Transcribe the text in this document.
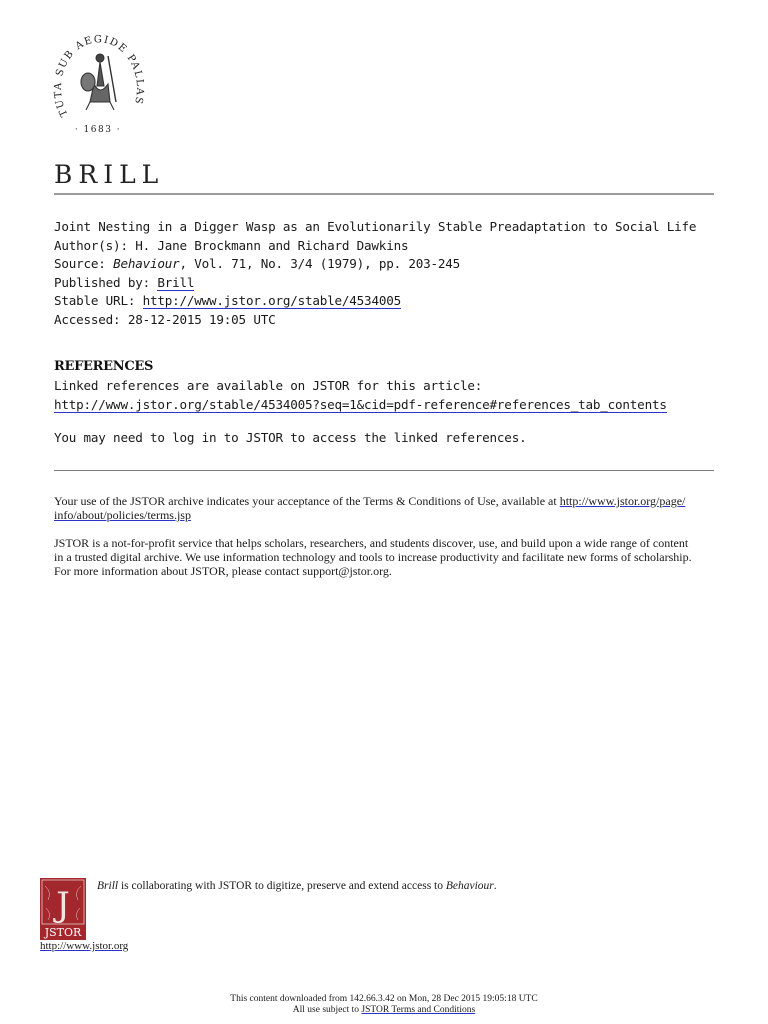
TUTA SUB AEGIDE PALLAS
· 1683 ·
BRILL
Joint Nesting in a Digger Wasp as an Evolutionarily Stable Preadaptation to Social Life
Author(s): H. Jane Brockmann and Richard Dawkins
Source: Behaviour, Vol. 71, No. 3/4 (1979), pp. 203-245
Published by: Brill
Stable URL: http://www.jstor.org/stable/4534005
Accessed: 28-12-2015 19:05 UTC
REFERENCES
Linked references are available on JSTOR for this article:
http://www.jstor.org/stable/4534005?seq=1&cid=pdf-reference#references_tab_contents
You may need to log in to JSTOR to access the linked references.
Your use of the JSTOR archive indicates your acceptance of the Terms & Conditions of Use, available at http://www.jstor.org/page/
info/about/policies/terms.jsp
JSTOR is a not-for-profit service that helps scholars, researchers, and students discover, use, and build upon a wide range of content
in a trusted digital archive. We use information technology and tools to increase productivity and facilitate new forms of scholarship.
For more information about JSTOR, please contact support@jstor.org.
J
JSTOR
http://www.jstor.org
Brill is collaborating with JSTOR to digitize, preserve and extend access to Behaviour.
This content downloaded from 142.66.3.42 on Mon, 28 Dec 2015 19:05:18 UTC
All use subject to JSTOR Terms and Conditions
